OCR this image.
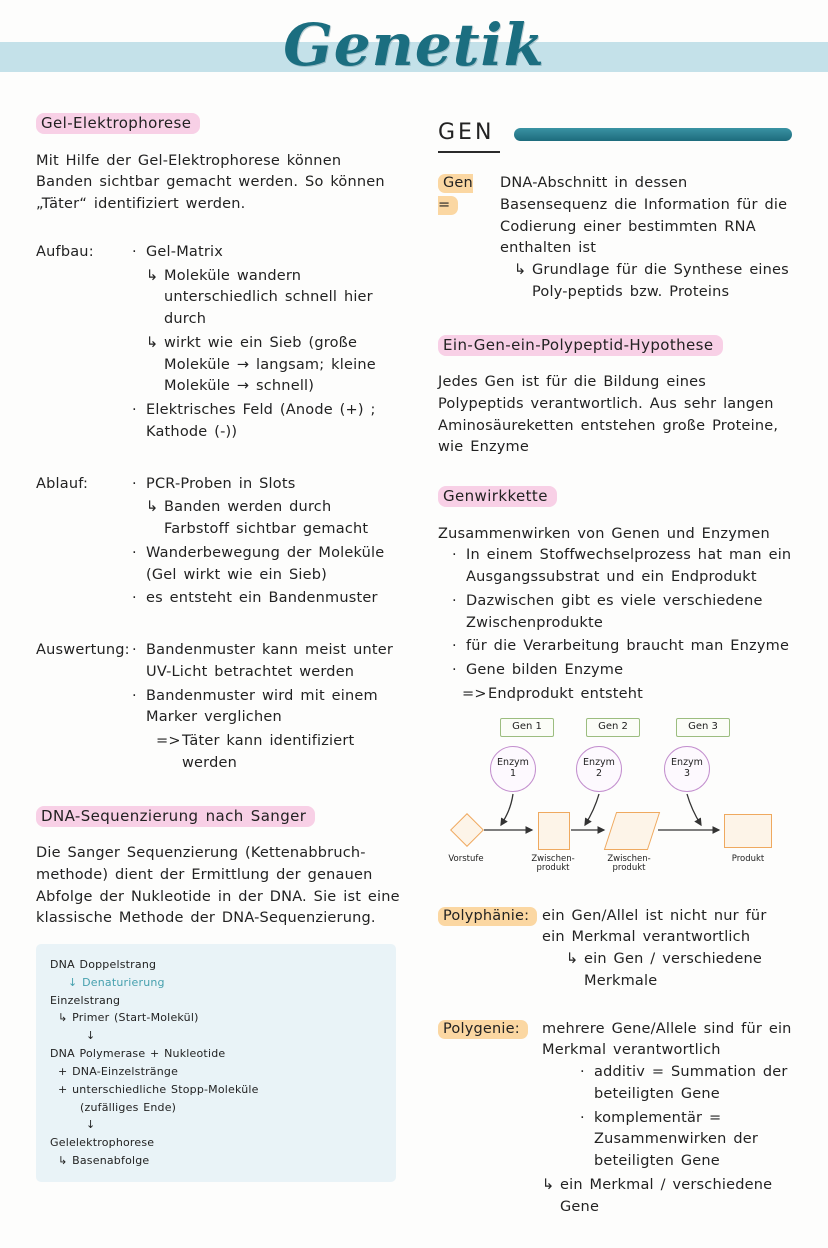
Genetik
Gel-Elektrophorese

Mit Hilfe der Gel-Elektrophorese können Banden sichtbar gemacht werden. So können „Täter“ identifiziert werden.

Aufbau:	· Gel-Matrix
↳ Moleküle wandern unterschiedlich schnell hier durch
↳ wirkt wie ein Sieb (große Moleküle → langsam; kleine Moleküle → schnell)
· Elektrisches Feld (Anode (+) ; Kathode (-))
Ablauf:	· PCR-Proben in Slots
↳ Banden werden durch Farbstoff sichtbar gemacht
· Wanderbewegung der Moleküle (Gel wirkt wie ein Sieb)
· es entsteht ein Bandenmuster
Auswertung: · Bandenmuster kann meist unter UV-Licht betrachtet werden
· Bandenmuster wird mit einem Marker verglichen
=> Täter kann identifiziert werden
DNA-Sequenzierung nach Sanger

Die Sanger Sequenzierung (Kettenabbruch-methode) dient der Ermittlung der genauen Abfolge der Nukleotide in der DNA. Sie ist eine klassische Methode der DNA-Sequenzierung.

DNA Doppelstrang
↓ Denaturierung
Einzelstrang
↳ Primer (Start-Molekül)
↓
DNA Polymerase + Nukleotide
+ DNA-Einzelstränge
+ unterschiedliche Stopp-Moleküle
(zufälliges Ende)
↓
Gelelektrophorese
↳ Basenabfolge
GEN
Gen =
DNA-Abschnitt in dessen Basensequenz die Information für die Codierung einer bestimmten RNA enthalten ist
↳ Grundlage für die Synthese eines Poly-peptids bzw. Proteins
Ein-Gen-ein-Polypeptid-Hypothese

Jedes Gen ist für die Bildung eines Polypeptids verantwortlich. Aus sehr langen Aminosäureketten entstehen große Proteine, wie Enzyme

Genwirkkette
Zusammenwirken von Genen und Enzymen
· In einem Stoffwechselprozess hat man ein Ausgangssubstrat und ein Endprodukt
· Dazwischen gibt es viele verschiedene Zwischenprodukte
· für die Verarbeitung braucht man Enzyme
· Gene bilden Enzyme
=> Endprodukt entsteht
Gen 1	Gen 2	Gen 3
Enzym 1
Enzym 2
Enzym 3
Vorstufe	Zwischen- produkt
Zwischen- produkt
Produkt
Polyphänie: ein Gen/Allel ist nicht nur für ein Merkmal verantwortlich
↳ ein Gen / verschiedene Merkmale
Polygenie:	mehrere Gene/Allele sind für ein Merkmal verantwortlich
· additiv = Summation der beteiligten Gene
· komplementär = Zusammenwirken der beteiligten Gene
↳ ein Merkmal / verschiedene Gene
